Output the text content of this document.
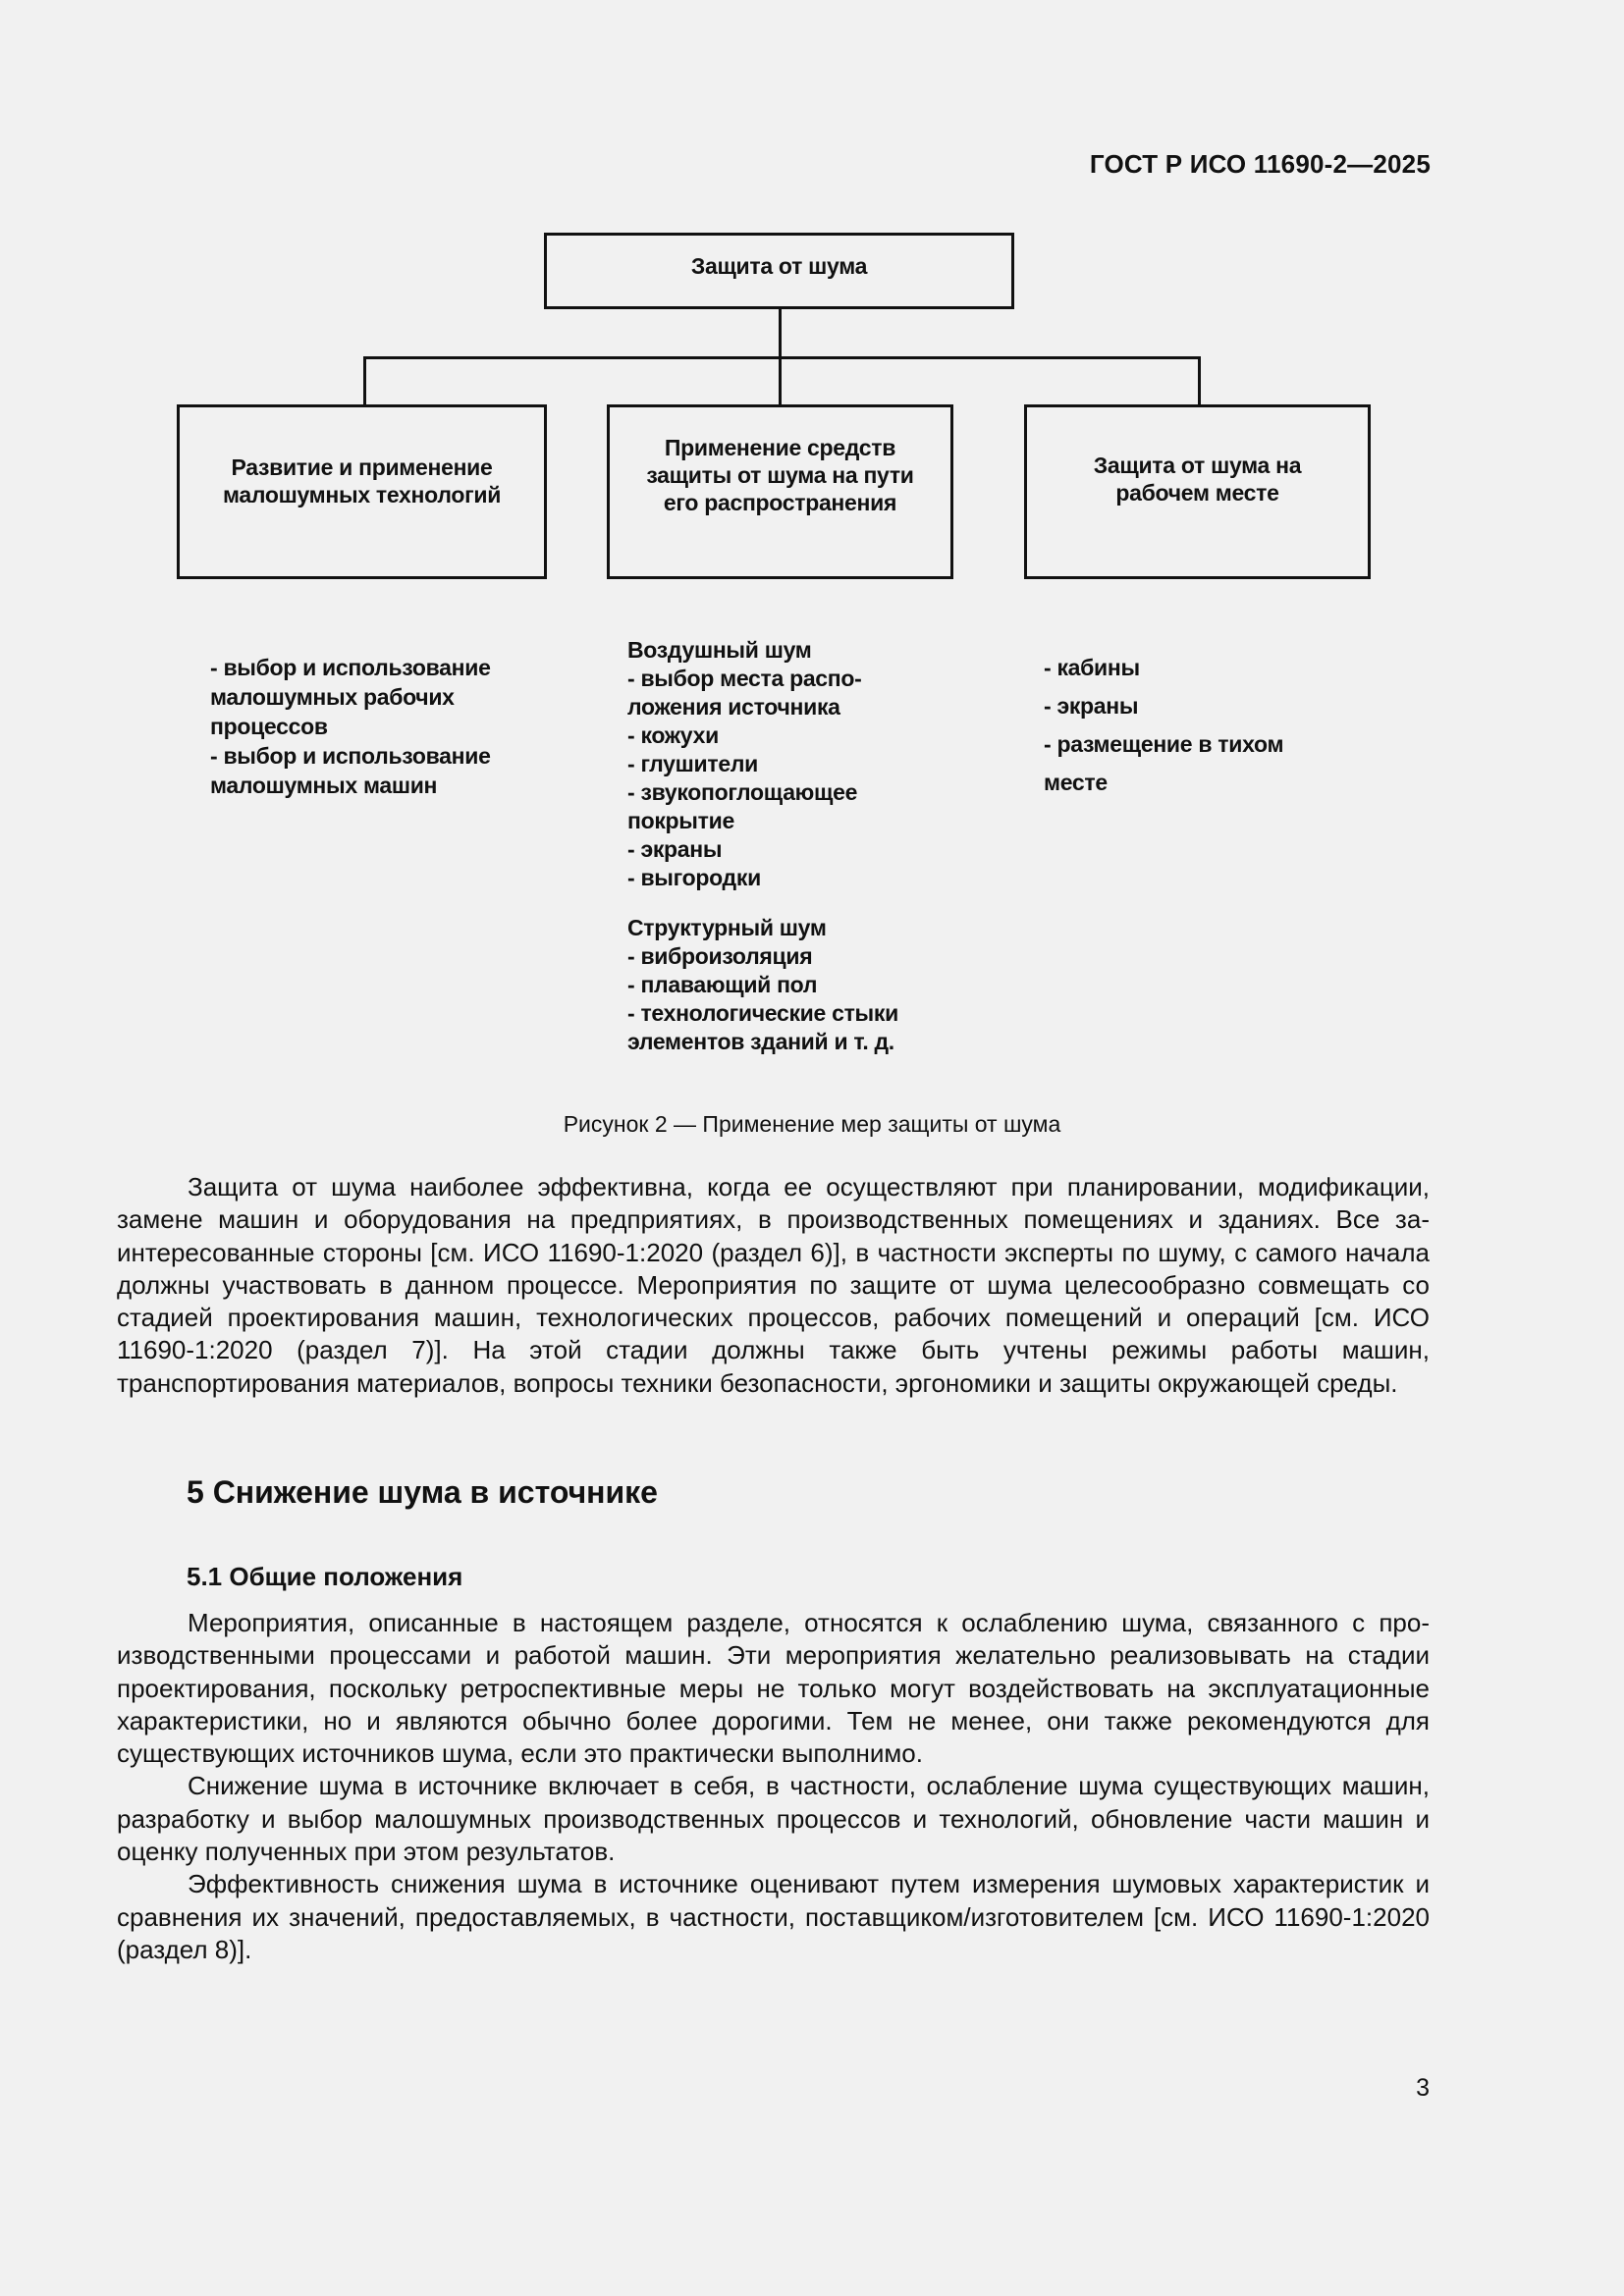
ГОСТ Р ИСО 11690-2—2025
Защита от шума
Развитие и применение
малошумных технологий
Применение средств
защиты от шума на пути
его распространения
Защита от шума на
рабочем месте
- выбор и использование
малошумных рабочих
процессов
- выбор и использование
малошумных машин
Воздушный шум
- выбор места распо-
ложения источника
- кожухи
- глушители
- звукопоглощающее
покрытие
- экраны
- выгородки
Структурный шум
- виброизоляция
- плавающий пол
- технологические стыки
элементов зданий и т. д.
- кабины
- экраны
- размещение в тихом
месте
Рисунок 2 — Применение мер защиты от шума

Защита от шума наиболее эффективна, когда ее осуществляют при планировании, модификации, замене машин и оборудования на предприятиях, в производственных помещениях и зданиях. Все заинтересованные стороны [см. ИСО 11690-1:2020 (раздел 6)], в частности эксперты по шуму, с самого начала должны участвовать в данном процессе. Мероприятия по защите от шума целесообразно совмещать со стадией проектирования машин, технологических процессов, рабочих помещений и операций [см. ИСО 11690-1:2020 (раздел 7)]. На этой стадии должны также быть учтены режимы работы машин, транспортирования материалов, вопросы техники безопасности, эргономики и защиты окружающей среды.

5 Снижение шума в источнике
5.1 Общие положения

Мероприятия, описанные в настоящем разделе, относятся к ослаблению шума, связанного с производственными процессами и работой машин. Эти мероприятия желательно реализовывать на стадии проектирования, поскольку ретроспективные меры не только могут воздействовать на эксплуатационные характеристики, но и являются обычно более дорогими. Тем не менее, они также рекомендуются для существующих источников шума, если это практически выполнимо.

Снижение шума в источнике включает в себя, в частности, ослабление шума существующих машин, разработку и выбор малошумных производственных процессов и технологий, обновление части машин и оценку полученных при этом результатов.

Эффективность снижения шума в источнике оценивают путем измерения шумовых характеристик и сравнения их значений, предоставляемых, в частности, поставщиком/изготовителем [см. ИСО 11690-1:2020 (раздел 8)].

3
